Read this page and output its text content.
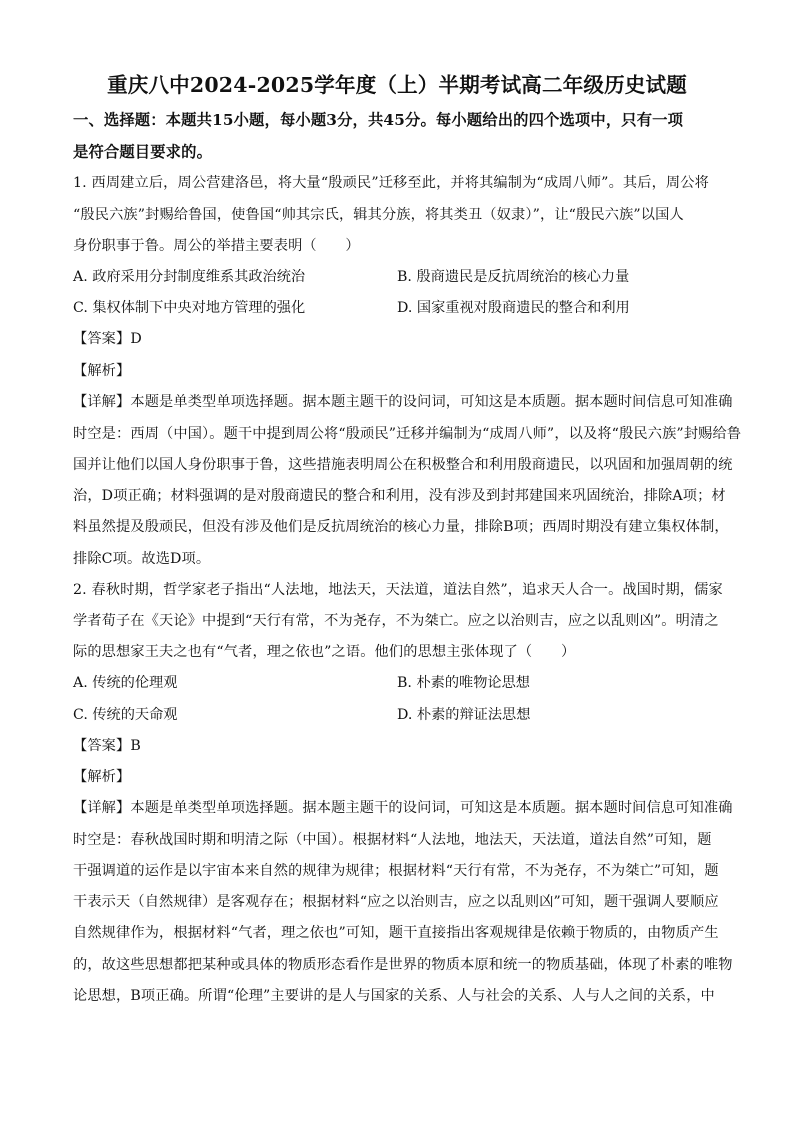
重庆八中2024-2025学年度（上）半期考试高二年级历史试题
一、选择题：本题共15小题，每小题3分，共45分。每小题给出的四个选项中，只有一项
是符合题目要求的。
1. 西周建立后，周公营建洛邑，将大量“殷顽民”迁移至此，并将其编制为“成周八师”。其后，周公将
“殷民六族”封赐给鲁国，使鲁国“帅其宗氏，辑其分族，将其类丑（奴隶）”，让“殷民六族”以国人
身份职事于鲁。周公的举措主要表明（　　）
A. 政府采用分封制度维系其政治统治	B. 殷商遗民是反抗周统治的核心力量
C. 集权体制下中央对地方管理的强化	D. 国家重视对殷商遗民的整合和利用
【答案】D
【解析】
【详解】本题是单类型单项选择题。据本题主题干的设问词，可知这是本质题。据本题时间信息可知准确
时空是：西周（中国）。题干中提到周公将“殷顽民”迁移并编制为“成周八师”，以及将“殷民六族”封赐给鲁
国并让他们以国人身份职事于鲁，这些措施表明周公在积极整合和利用殷商遗民，以巩固和加强周朝的统
治，D项正确；材料强调的是对殷商遗民的整合和利用，没有涉及到封邦建国来巩固统治，排除A项；材
料虽然提及殷顽民，但没有涉及他们是反抗周统治的核心力量，排除B项；西周时期没有建立集权体制，
排除C项。故选D项。
2. 春秋时期，哲学家老子指出“人法地，地法天，天法道，道法自然”，追求天人合一。战国时期，儒家
学者荀子在《天论》中提到“天行有常，不为尧存，不为桀亡。应之以治则吉，应之以乱则凶”。明清之
际的思想家王夫之也有“气者，理之依也”之语。他们的思想主张体现了（　　）
A. 传统的伦理观	B. 朴素的唯物论思想
C. 传统的天命观	D. 朴素的辩证法思想
【答案】B
【解析】
【详解】本题是单类型单项选择题。据本题主题干的设问词，可知这是本质题。据本题时间信息可知准确
时空是：春秋战国时期和明清之际（中国）。根据材料“人法地，地法天，天法道，道法自然”可知，题
干强调道的运作是以宇宙本来自然的规律为规律；根据材料“天行有常，不为尧存，不为桀亡”可知，题
干表示天（自然规律）是客观存在；根据材料“应之以治则吉，应之以乱则凶”可知，题干强调人要顺应
自然规律作为，根据材料“气者，理之依也”可知，题干直接指出客观规律是依赖于物质的，由物质产生
的，故这些思想都把某种或具体的物质形态看作是世界的物质本原和统一的物质基础，体现了朴素的唯物
论思想，B项正确。所谓“伦理”主要讲的是人与国家的关系、人与社会的关系、人与人之间的关系，中
